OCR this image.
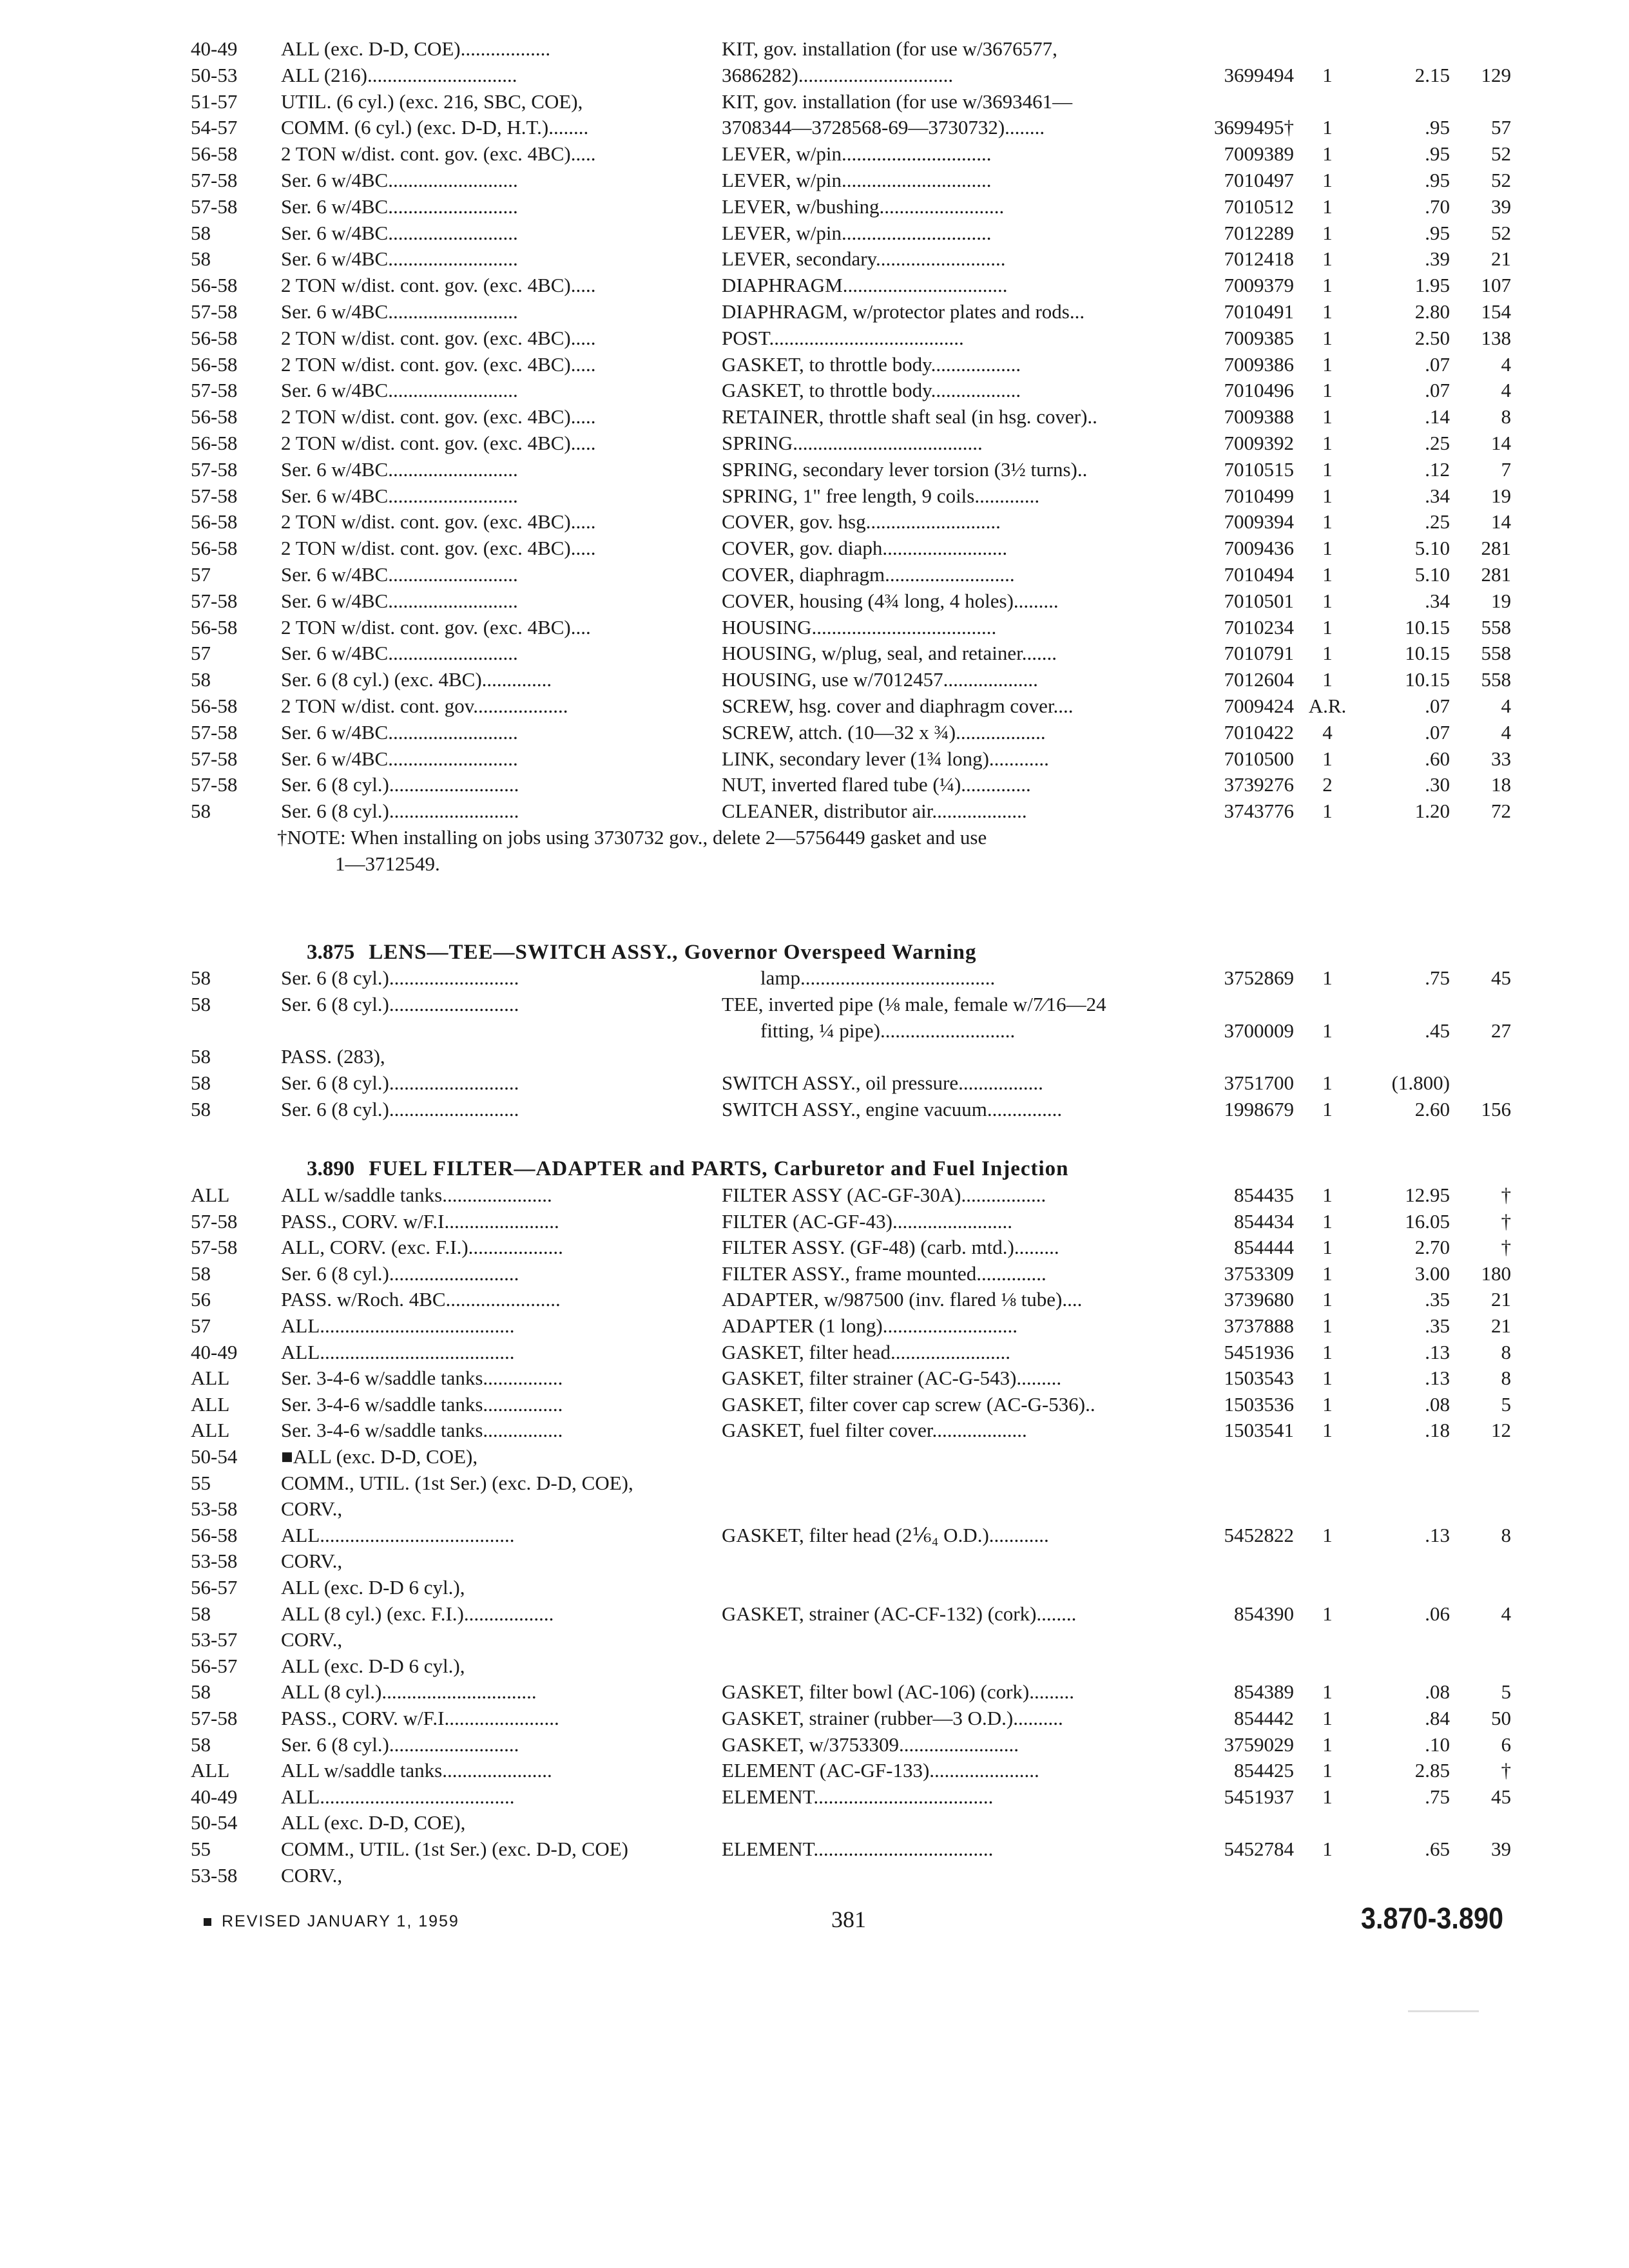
40-49 ALL (exc. D-D, COE)..................	KIT, gov. installation (for use w/3676577,
50-53 ALL (216)..............................	3686282)...............................	3699494	1	2.15	129
51-57 UTIL. (6 cyl.) (exc. 216, SBC, COE),	KIT, gov. installation (for use w/3693461—
54-57 COMM. (6 cyl.) (exc. D-D, H.T.)........	3708344—3728568-69—3730732)........	3699495†	1	.95	57
56-58 2 TON w/dist. cont. gov. (exc. 4BC).....	LEVER, w/pin..............................	7009389	1	.95	52
57-58 Ser. 6 w/4BC..........................	LEVER, w/pin..............................	7010497	1	.95	52
57-58 Ser. 6 w/4BC..........................	LEVER, w/bushing.........................	7010512	1	.70	39
58	Ser. 6 w/4BC..........................	LEVER, w/pin..............................	7012289	1	.95	52
58	Ser. 6 w/4BC..........................	LEVER, secondary..........................	7012418	1	.39	21
56-58 2 TON w/dist. cont. gov. (exc. 4BC).....	DIAPHRAGM.................................	7009379	1	1.95	107
57-58 Ser. 6 w/4BC..........................	DIAPHRAGM, w/protector plates and rods...	7010491	1	2.80	154
56-58 2 TON w/dist. cont. gov. (exc. 4BC).....	POST.......................................	7009385	1	2.50	138
56-58 2 TON w/dist. cont. gov. (exc. 4BC).....	GASKET, to throttle body..................	7009386	1	.07	4
57-58 Ser. 6 w/4BC..........................	GASKET, to throttle body..................	7010496	1	.07	4
56-58 2 TON w/dist. cont. gov. (exc. 4BC).....	RETAINER, throttle shaft seal (in hsg. cover)..	7009388	1	.14	8
56-58 2 TON w/dist. cont. gov. (exc. 4BC).....	SPRING......................................	7009392	1	.25	14
57-58 Ser. 6 w/4BC..........................	SPRING, secondary lever torsion (3½ turns)..	7010515	1	.12	7
57-58 Ser. 6 w/4BC..........................	SPRING, 1" free length, 9 coils.............	7010499	1	.34	19
56-58 2 TON w/dist. cont. gov. (exc. 4BC).....	COVER, gov. hsg...........................	7009394	1	.25	14
56-58 2 TON w/dist. cont. gov. (exc. 4BC).....	COVER, gov. diaph.........................	7009436	1	5.10	281
57	Ser. 6 w/4BC..........................	COVER, diaphragm..........................	7010494	1	5.10	281
57-58 Ser. 6 w/4BC..........................	COVER, housing (4¾ long, 4 holes).........	7010501	1	.34	19
56-58 2 TON w/dist. cont. gov. (exc. 4BC)....	HOUSING.....................................	7010234	1	10.15	558
57	Ser. 6 w/4BC..........................	HOUSING, w/plug, seal, and retainer.......	7010791	1	10.15	558
58	Ser. 6 (8 cyl.) (exc. 4BC)..............	HOUSING, use w/7012457...................	7012604	1	10.15	558
56-58 2 TON w/dist. cont. gov...................	SCREW, hsg. cover and diaphragm cover....	7009424 A.R.	.07	4
57-58 Ser. 6 w/4BC..........................	SCREW, attch. (10—32 x ¾)..................	7010422	4	.07	4
57-58 Ser. 6 w/4BC..........................	LINK, secondary lever (1¾ long)............	7010500	1	.60	33
57-58 Ser. 6 (8 cyl.)..........................	NUT, inverted flared tube (¼)..............	3739276	2	.30	18
58	Ser. 6 (8 cyl.)..........................	CLEANER, distributor air...................	3743776	1	1.20	72
†NOTE: When installing on jobs using 3730732 gov., delete 2—5756449 gasket and use
1—3712549.
3.875 LENS—TEE—SWITCH ASSY., Governor Overspeed Warning
58	Ser. 6 (8 cyl.)..........................	lamp.......................................	3752869	1	.75	45
58	Ser. 6 (8 cyl.)..........................	TEE, inverted pipe (⅛ male, female w/7⁄16—24
fitting, ¼ pipe)...........................	3700009	1	.45	27
58	PASS. (283),
58	Ser. 6 (8 cyl.)..........................	SWITCH ASSY., oil pressure.................	3751700	1	(1.800)
58	Ser. 6 (8 cyl.)..........................	SWITCH ASSY., engine vacuum...............	1998679	1	2.60	156
3.890 FUEL FILTER—ADAPTER and PARTS, Carburetor and Fuel Injection
ALL	ALL w/saddle tanks......................	FILTER ASSY (AC-GF-30A).................	854435	1	12.95	†
57-58 PASS., CORV. w/F.I.......................	FILTER (AC-GF-43)........................	854434	1	16.05	†
57-58 ALL, CORV. (exc. F.I.)...................	FILTER ASSY. (GF-48) (carb. mtd.).........	854444	1	2.70	†
58	Ser. 6 (8 cyl.)..........................	FILTER ASSY., frame mounted..............	3753309	1	3.00	180
56	PASS. w/Roch. 4BC.......................	ADAPTER, w/987500 (inv. flared ⅛ tube)....	3739680	1	.35	21
57	ALL.......................................	ADAPTER (1 long)...........................	3737888	1	.35	21
40-49 ALL.......................................	GASKET, filter head........................	5451936	1	.13	8
ALL	Ser. 3-4-6 w/saddle tanks................	GASKET, filter strainer (AC-G-543).........	1503543	1	.13	8
ALL	Ser. 3-4-6 w/saddle tanks................	GASKET, filter cover cap screw (AC-G-536)..	1503536	1	.08	5
ALL	Ser. 3-4-6 w/saddle tanks................	GASKET, fuel filter cover...................	1503541	1	.18	12
50-54 ■ALL (exc. D-D, COE),
55	COMM., UTIL. (1st Ser.) (exc. D-D, COE),
53-58 CORV.,
56-58 ALL.......................................	GASKET, filter head (2⅙₄ O.D.)............	5452822	1	.13	8
53-58 CORV.,
56-57 ALL (exc. D-D 6 cyl.),
58	ALL (8 cyl.) (exc. F.I.)..................	GASKET, strainer (AC-CF-132) (cork)........	854390	1	.06	4
53-57 CORV.,
56-57 ALL (exc. D-D 6 cyl.),
58	ALL (8 cyl.)...............................	GASKET, filter bowl (AC-106) (cork).........	854389	1	.08	5
57-58 PASS., CORV. w/F.I.......................	GASKET, strainer (rubber—3 O.D.)..........	854442	1	.84	50
58	Ser. 6 (8 cyl.)..........................	GASKET, w/3753309........................	3759029	1	.10	6
ALL	ALL w/saddle tanks......................	ELEMENT (AC-GF-133)......................	854425	1	2.85	†
40-49 ALL.......................................	ELEMENT....................................	5451937	1	.75	45
50-54 ALL (exc. D-D, COE),
55	COMM., UTIL. (1st Ser.) (exc. D-D, COE)	ELEMENT....................................	5452784	1	.65	39
53-58 CORV.,
REVISED JANUARY 1, 1959	381	3.870-3.890
